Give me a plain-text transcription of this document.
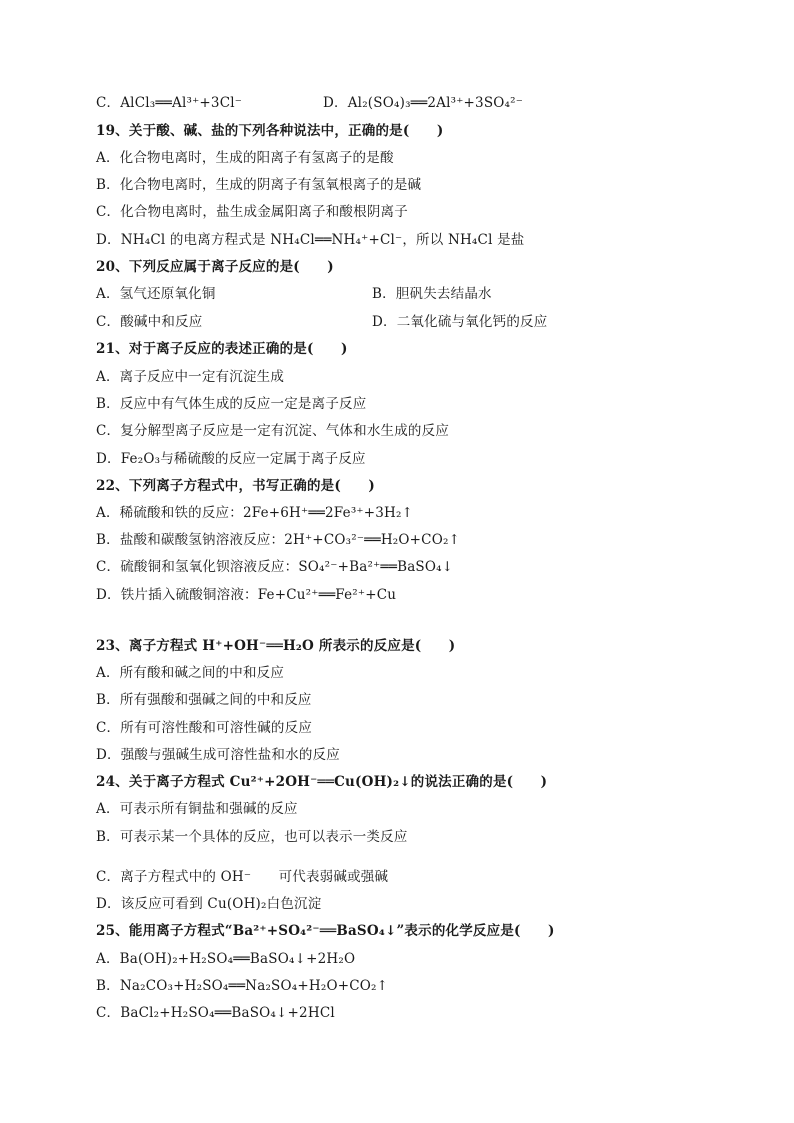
C．AlCl₃══Al³⁺+3Cl⁻	D．Al₂(SO₄)₃══2Al³⁺+3SO₄²⁻
19、关于酸、碱、盐的下列各种说法中，正确的是(　　)
A．化合物电离时，生成的阳离子有氢离子的是酸
B．化合物电离时，生成的阴离子有氢氧根离子的是碱
C．化合物电离时，盐生成金属阳离子和酸根阴离子
D．NH₄Cl 的电离方程式是 NH₄Cl══NH₄⁺+Cl⁻，所以 NH₄Cl 是盐
20、下列反应属于离子反应的是(　　)
A．氢气还原氧化铜	B．胆矾失去结晶水
C．酸碱中和反应	D．二氧化硫与氧化钙的反应
21、对于离子反应的表述正确的是(　　)
A．离子反应中一定有沉淀生成
B．反应中有气体生成的反应一定是离子反应
C．复分解型离子反应是一定有沉淀、气体和水生成的反应
D．Fe₂O₃与稀硫酸的反应一定属于离子反应
22、下列离子方程式中，书写正确的是(　　)
A．稀硫酸和铁的反应：2Fe+6H⁺══2Fe³⁺+3H₂↑
B．盐酸和碳酸氢钠溶液反应：2H⁺+CO₃²⁻══H₂O+CO₂↑
C．硫酸铜和氢氧化钡溶液反应：SO₄²⁻+Ba²⁺══BaSO₄↓
D．铁片插入硫酸铜溶液：Fe+Cu²⁺══Fe²⁺+Cu
23、离子方程式 H⁺+OH⁻══H₂O 所表示的反应是(　　)
A．所有酸和碱之间的中和反应
B．所有强酸和强碱之间的中和反应
C．所有可溶性酸和可溶性碱的反应
D．强酸与强碱生成可溶性盐和水的反应
24、关于离子方程式 Cu²⁺+2OH⁻══Cu(OH)₂↓的说法正确的是(　　)
A．可表示所有铜盐和强碱的反应
B．可表示某一个具体的反应，也可以表示一类反应
C．离子方程式中的 OH⁻　　可代表弱碱或强碱
D．该反应可看到 Cu(OH)₂白色沉淀
25、能用离子方程式“Ba²⁺+SO₄²⁻══BaSO₄↓”表示的化学反应是(　　)
A．Ba(OH)₂+H₂SO₄══BaSO₄↓+2H₂O
B．Na₂CO₃+H₂SO₄══Na₂SO₄+H₂O+CO₂↑
C．BaCl₂+H₂SO₄══BaSO₄↓+2HCl
